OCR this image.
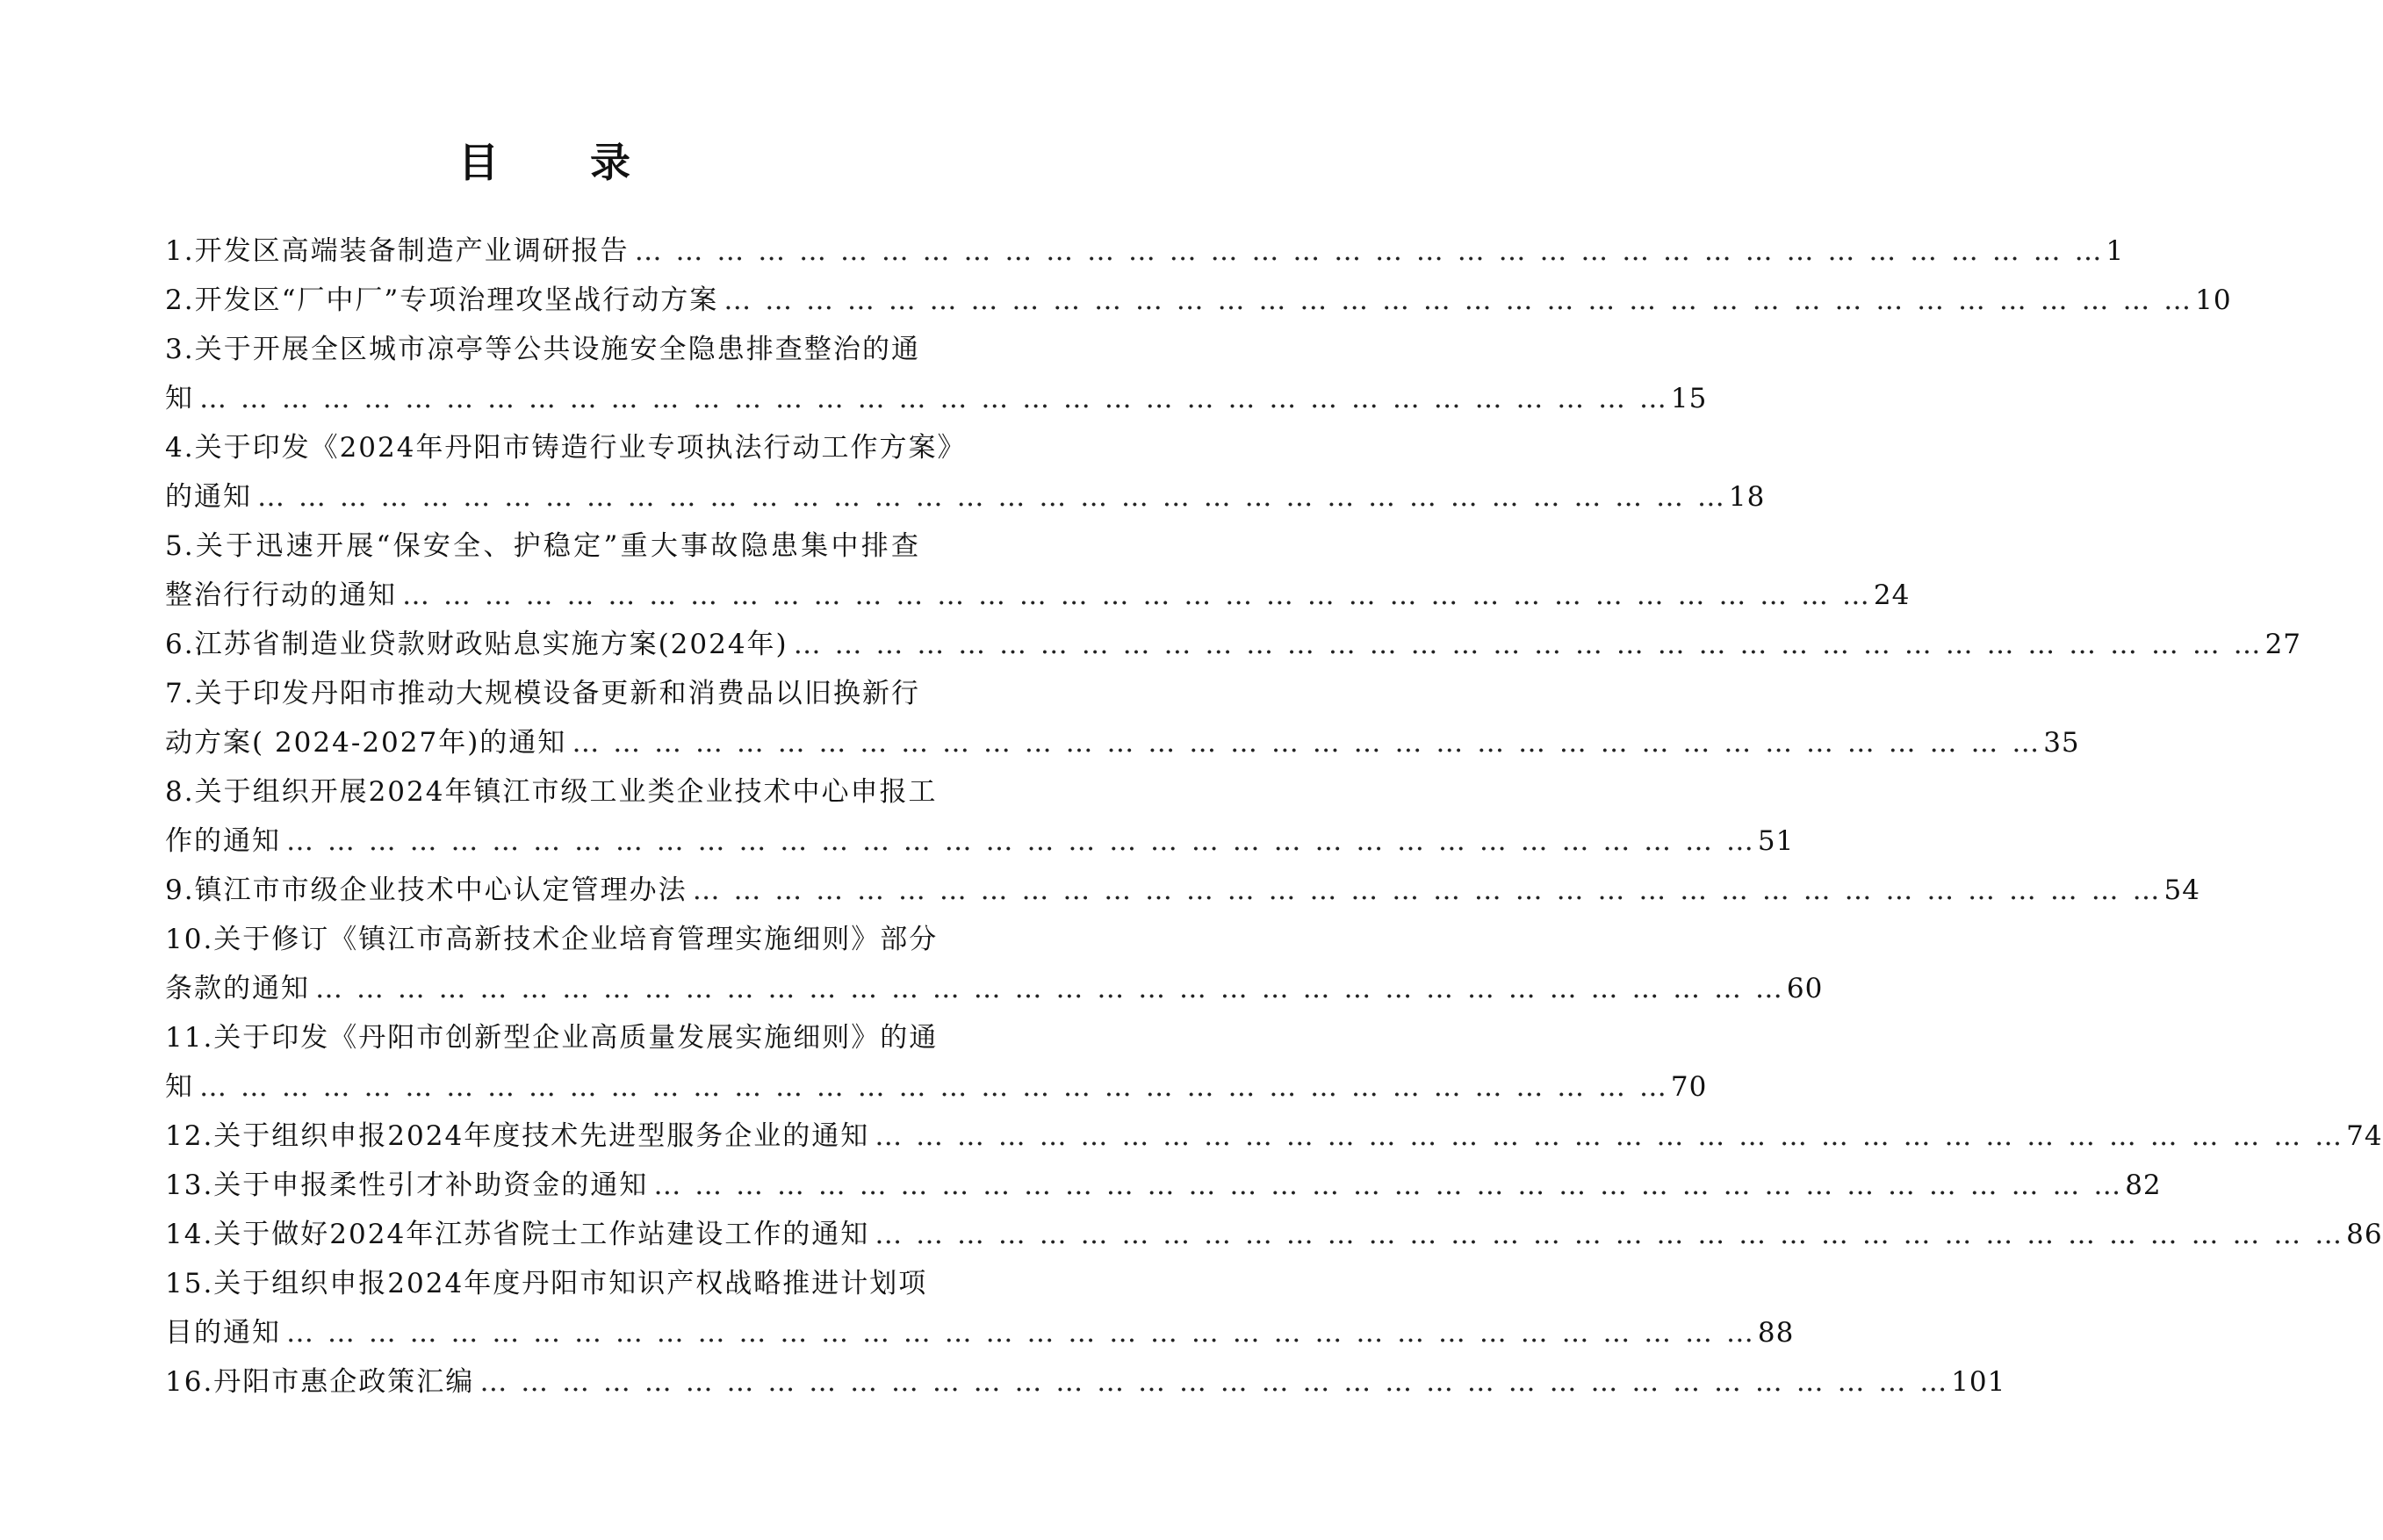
目 录
1.开发区高端装备制造产业调研报告 … … … … … … … … … … … … … … … … … … … … … … … … … … … … … … … … … … … … 1
2.开发区“厂中厂”专项治理攻坚战行动方案 … … … … … … … … … … … … … … … … … … … … … … … … … … … … … … … … … … … … 10
3.关于开展全区城市凉亭等公共设施安全隐患排查整治的通
知 … … … … … … … … … … … … … … … … … … … … … … … … … … … … … … … … … … … … 15
4.关于印发《2024年丹阳市铸造行业专项执法行动工作方案》
的通知 … … … … … … … … … … … … … … … … … … … … … … … … … … … … … … … … … … … … 18
5.关于迅速开展“保安全、护稳定”重大事故隐患集中排查
整治行行动的通知 … … … … … … … … … … … … … … … … … … … … … … … … … … … … … … … … … … … … 24
6.江苏省制造业贷款财政贴息实施方案(2024年) … … … … … … … … … … … … … … … … … … … … … … … … … … … … … … … … … … … … 27
7.关于印发丹阳市推动大规模设备更新和消费品以旧换新行
动方案( 2024-2027年)的通知 … … … … … … … … … … … … … … … … … … … … … … … … … … … … … … … … … … … … 35
8.关于组织开展2024年镇江市级工业类企业技术中心申报工
作的通知 … … … … … … … … … … … … … … … … … … … … … … … … … … … … … … … … … … … … 51
9.镇江市市级企业技术中心认定管理办法 … … … … … … … … … … … … … … … … … … … … … … … … … … … … … … … … … … … … 54
10.关于修订《镇江市高新技术企业培育管理实施细则》部分
条款的通知 … … … … … … … … … … … … … … … … … … … … … … … … … … … … … … … … … … … … 60
11.关于印发《丹阳市创新型企业高质量发展实施细则》的通
知 … … … … … … … … … … … … … … … … … … … … … … … … … … … … … … … … … … … … 70
12.关于组织申报2024年度技术先进型服务企业的通知 … … … … … … … … … … … … … … … … … … … … … … … … … … … … … … … … … … … … 74
13.关于申报柔性引才补助资金的通知 … … … … … … … … … … … … … … … … … … … … … … … … … … … … … … … … … … … … 82
14.关于做好2024年江苏省院士工作站建设工作的通知 … … … … … … … … … … … … … … … … … … … … … … … … … … … … … … … … … … … … 86
15.关于组织申报2024年度丹阳市知识产权战略推进计划项
目的通知 … … … … … … … … … … … … … … … … … … … … … … … … … … … … … … … … … … … … 88
16.丹阳市惠企政策汇编 … … … … … … … … … … … … … … … … … … … … … … … … … … … … … … … … … … … … 101
